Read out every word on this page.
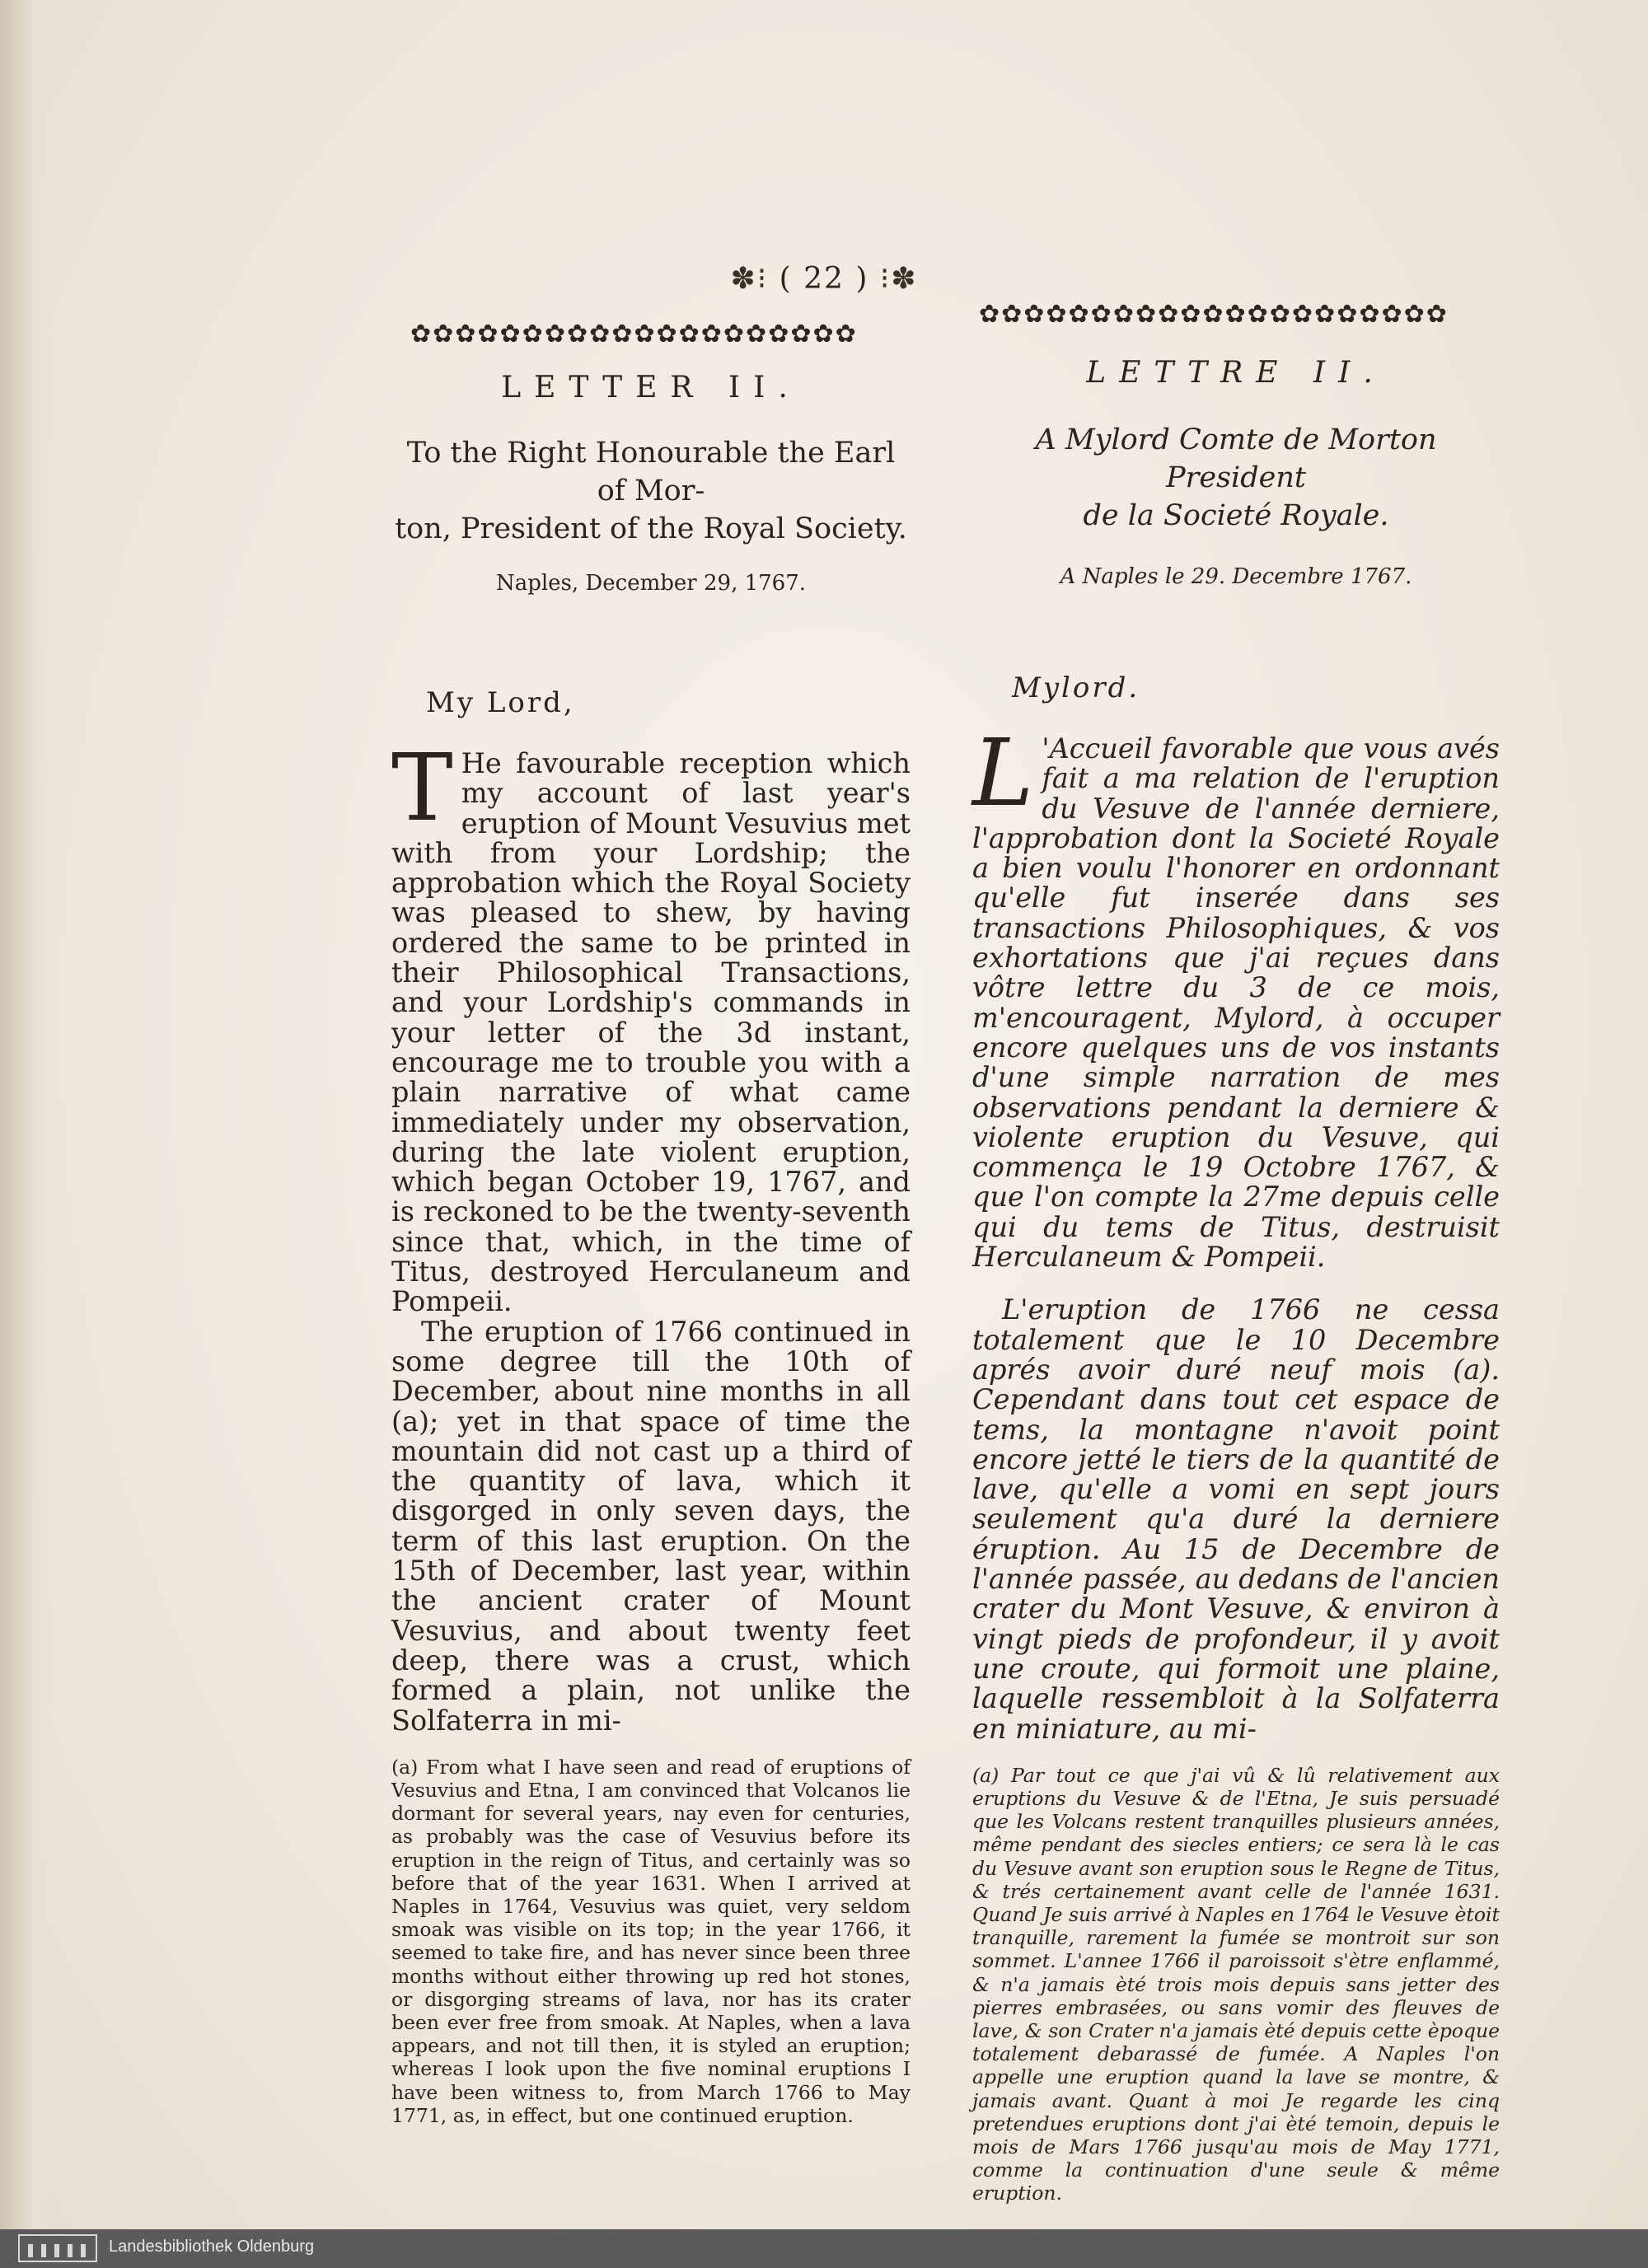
✽⁝ ( 22 ) ⁝✽
✿✿✿✿✿✿✿✿✿✿✿✿✿✿✿✿✿✿✿✿
✿✿✿✿✿✿✿✿✿✿✿✿✿✿✿✿✿✿✿✿✿

LETTER II.

To the Right Honourable the Earl of Mor-

ton, President of the Royal Society.

Naples, December 29, 1767.

My Lord,

T He favourable reception which my account of last year's eruption of Mount Vesuvius met with from your Lordship; the approbation which the Royal Society was pleased to shew, by having ordered the same to be printed in their Philosophical Transactions, and your Lordship's commands in your letter of the 3d instant, encourage me to trouble you with a plain narrative of what came immediately under my observation, during the late violent eruption, which began October 19, 1767, and is reckoned to be the twenty-seventh since that, which, in the time of Titus, destroyed Herculaneum and Pompeii.

The eruption of 1766 continued in some degree till the 10th of December, about nine months in all (a); yet in that space of time the mountain did not cast up a third of the quantity of lava, which it disgorged in only seven days, the term of this last eruption. On the 15th of December, last year, within the ancient crater of Mount Vesuvius, and about twenty feet deep, there was a crust, which formed a plain, not unlike the Solfaterra in mi-

(a) From what I have seen and read of eruptions of Vesuvius and Etna, I am convinced that Volcanos lie dormant for several years, nay even for centuries, as probably was the case of Vesuvius before its eruption in the reign of Titus, and certainly was so before that of the year 1631. When I arrived at Naples in 1764, Vesuvius was quiet, very seldom smoak was visible on its top; in the year 1766, it seemed to take fire, and has never since been three months without either throwing up red hot stones, or disgorging streams of lava, nor has its crater been ever free from smoak. At Naples, when a lava appears, and not till then, it is styled an eruption; whereas I look upon the five nominal eruptions I have been witness to, from March 1766 to May 1771, as, in effect, but one continued eruption.

LETTRE II.

A Mylord Comte de Morton President

de la Societé Royale.

A Naples le 29. Decembre 1767.

Mylord.

L 'Accueil favorable que vous avés fait a ma relation de l'eruption du Vesuve de l'année derniere, l'approbation dont la Societé Royale a bien voulu l'honorer en ordonnant qu'elle fut inserée dans ses transactions Philosophiques, & vos exhortations que j'ai reçues dans vôtre lettre du 3 de ce mois, m'encouragent, Mylord, à occuper encore quelques uns de vos instants d'une simple narration de mes observations pendant la derniere & violente eruption du Vesuve, qui commença le 19 Octobre 1767, & que l'on compte la 27me depuis celle qui du tems de Titus, destruisit Herculaneum & Pompeii.

L'eruption de 1766 ne cessa totalement que le 10 Decembre aprés avoir duré neuf mois (a). Cependant dans tout cet espace de tems, la montagne n'avoit point encore jetté le tiers de la quantité de lave, qu'elle a vomi en sept jours seulement qu'a duré la derniere éruption. Au 15 de Decembre de l'année passée, au dedans de l'ancien crater du Mont Vesuve, & environ à vingt pieds de profondeur, il y avoit une croute, qui formoit une plaine, laquelle ressembloit à la Solfaterra en miniature, au mi-

(a) Par tout ce que j'ai vû & lû relativement aux eruptions du Vesuve & de l'Etna, Je suis persuadé que les Volcans restent tranquilles plusieurs années, même pendant des siecles entiers; ce sera là le cas du Vesuve avant son eruption sous le Regne de Titus, & trés certainement avant celle de l'année 1631. Quand Je suis arrivé à Naples en 1764 le Vesuve ètoit tranquille, rarement la fumée se montroit sur son sommet. L'annee 1766 il paroissoit s'ètre enflammé, & n'a jamais èté trois mois depuis sans jetter des pierres embrasées, ou sans vomir des fleuves de lave, & son Crater n'a jamais èté depuis cette èpoque totalement debarassé de fumée. A Naples l'on appelle une eruption quand la lave se montre, & jamais avant. Quant à moi Je regarde les cinq pretendues eruptions dont j'ai èté temoin, depuis le mois de Mars 1766 jusqu'au mois de May 1771, comme la continuation d'une seule & même eruption.

Landesbibliothek Oldenburg
